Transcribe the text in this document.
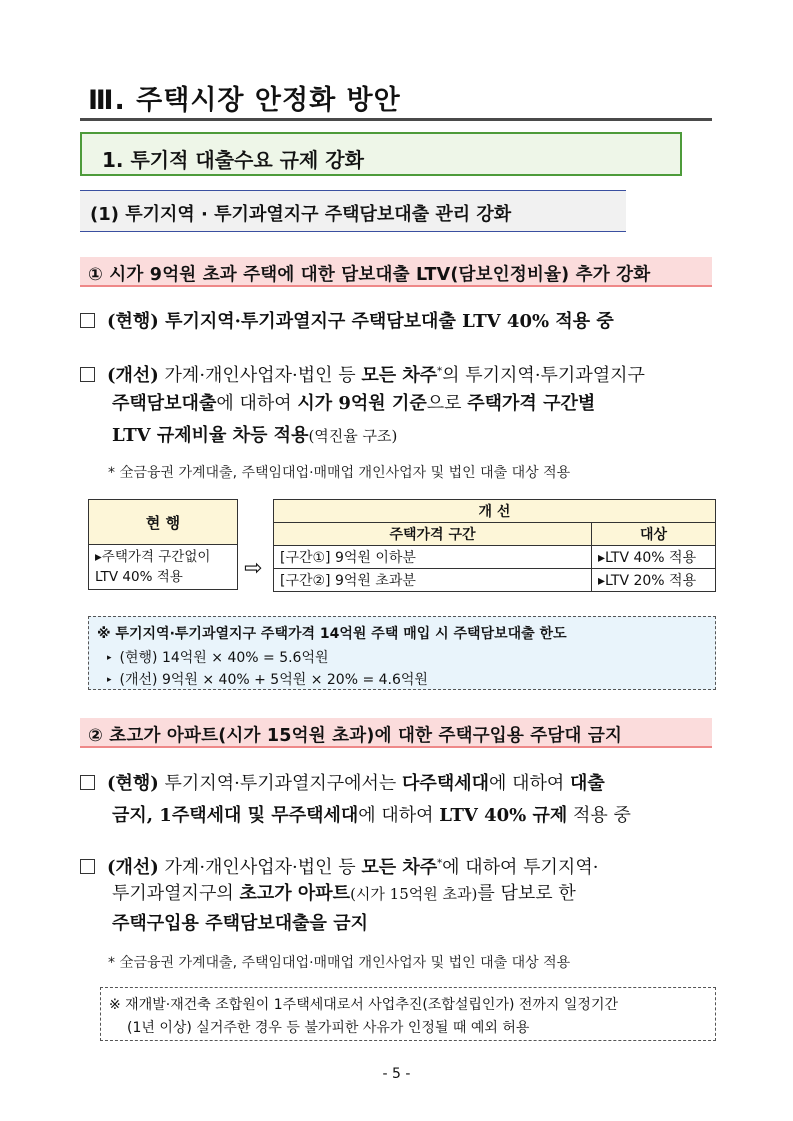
Ⅲ. 주택시장 안정화 방안
1. 투기적 대출수요 규제 강화
(1) 투기지역 · 투기과열지구 주택담보대출 관리 강화
① 시가 9억원 초과 주택에 대한 담보대출 LTV(담보인정비율) 추가 강화
(현행) 투기지역·투기과열지구 주택담보대출 LTV 40% 적용 중
(개선) 가계·개인사업자·법인 등 모든 차주*의 투기지역·투기과열지구
주택담보대출에 대하여 시가 9억원 기준으로 주택가격 구간별
LTV 규제비율 차등 적용(역진율 구조)
* 全금융권 가계대출, 주택임대업·매매업 개인사업자 및 법인 대출 대상 적용
현 행

▸주택가격 구간없이
LTV 40% 적용	⇨
개 선	
주택가격 구간	대상
[구간①] 9억원 이하분	▸LTV 40% 적용
[구간②] 9억원 초과분	▸LTV 20% 적용
※ 투기지역·투기과열지구 주택가격 14억원 주택 매입 시 주택담보대출 한도
▸ (현행) 14억원 × 40% = 5.6억원
▸ (개선) 9억원 × 40% + 5억원 × 20% = 4.6억원
② 초고가 아파트(시가 15억원 초과)에 대한 주택구입용 주담대 금지
(현행) 투기지역·투기과열지구에서는 다주택세대에 대하여 대출
금지, 1주택세대 및 무주택세대에 대하여 LTV 40% 규제 적용 중
(개선) 가계·개인사업자·법인 등 모든 차주*에 대하여 투기지역·
투기과열지구의 초고가 아파트(시가 15억원 초과)를 담보로 한
주택구입용 주택담보대출을 금지
* 全금융권 가계대출, 주택임대업·매매업 개인사업자 및 법인 대출 대상 적용
※ 재개발·재건축 조합원이 1주택세대로서 사업추진(조합설립인가) 전까지 일정기간
(1년 이상) 실거주한 경우 등 불가피한 사유가 인정될 때 예외 허용
- 5 -
